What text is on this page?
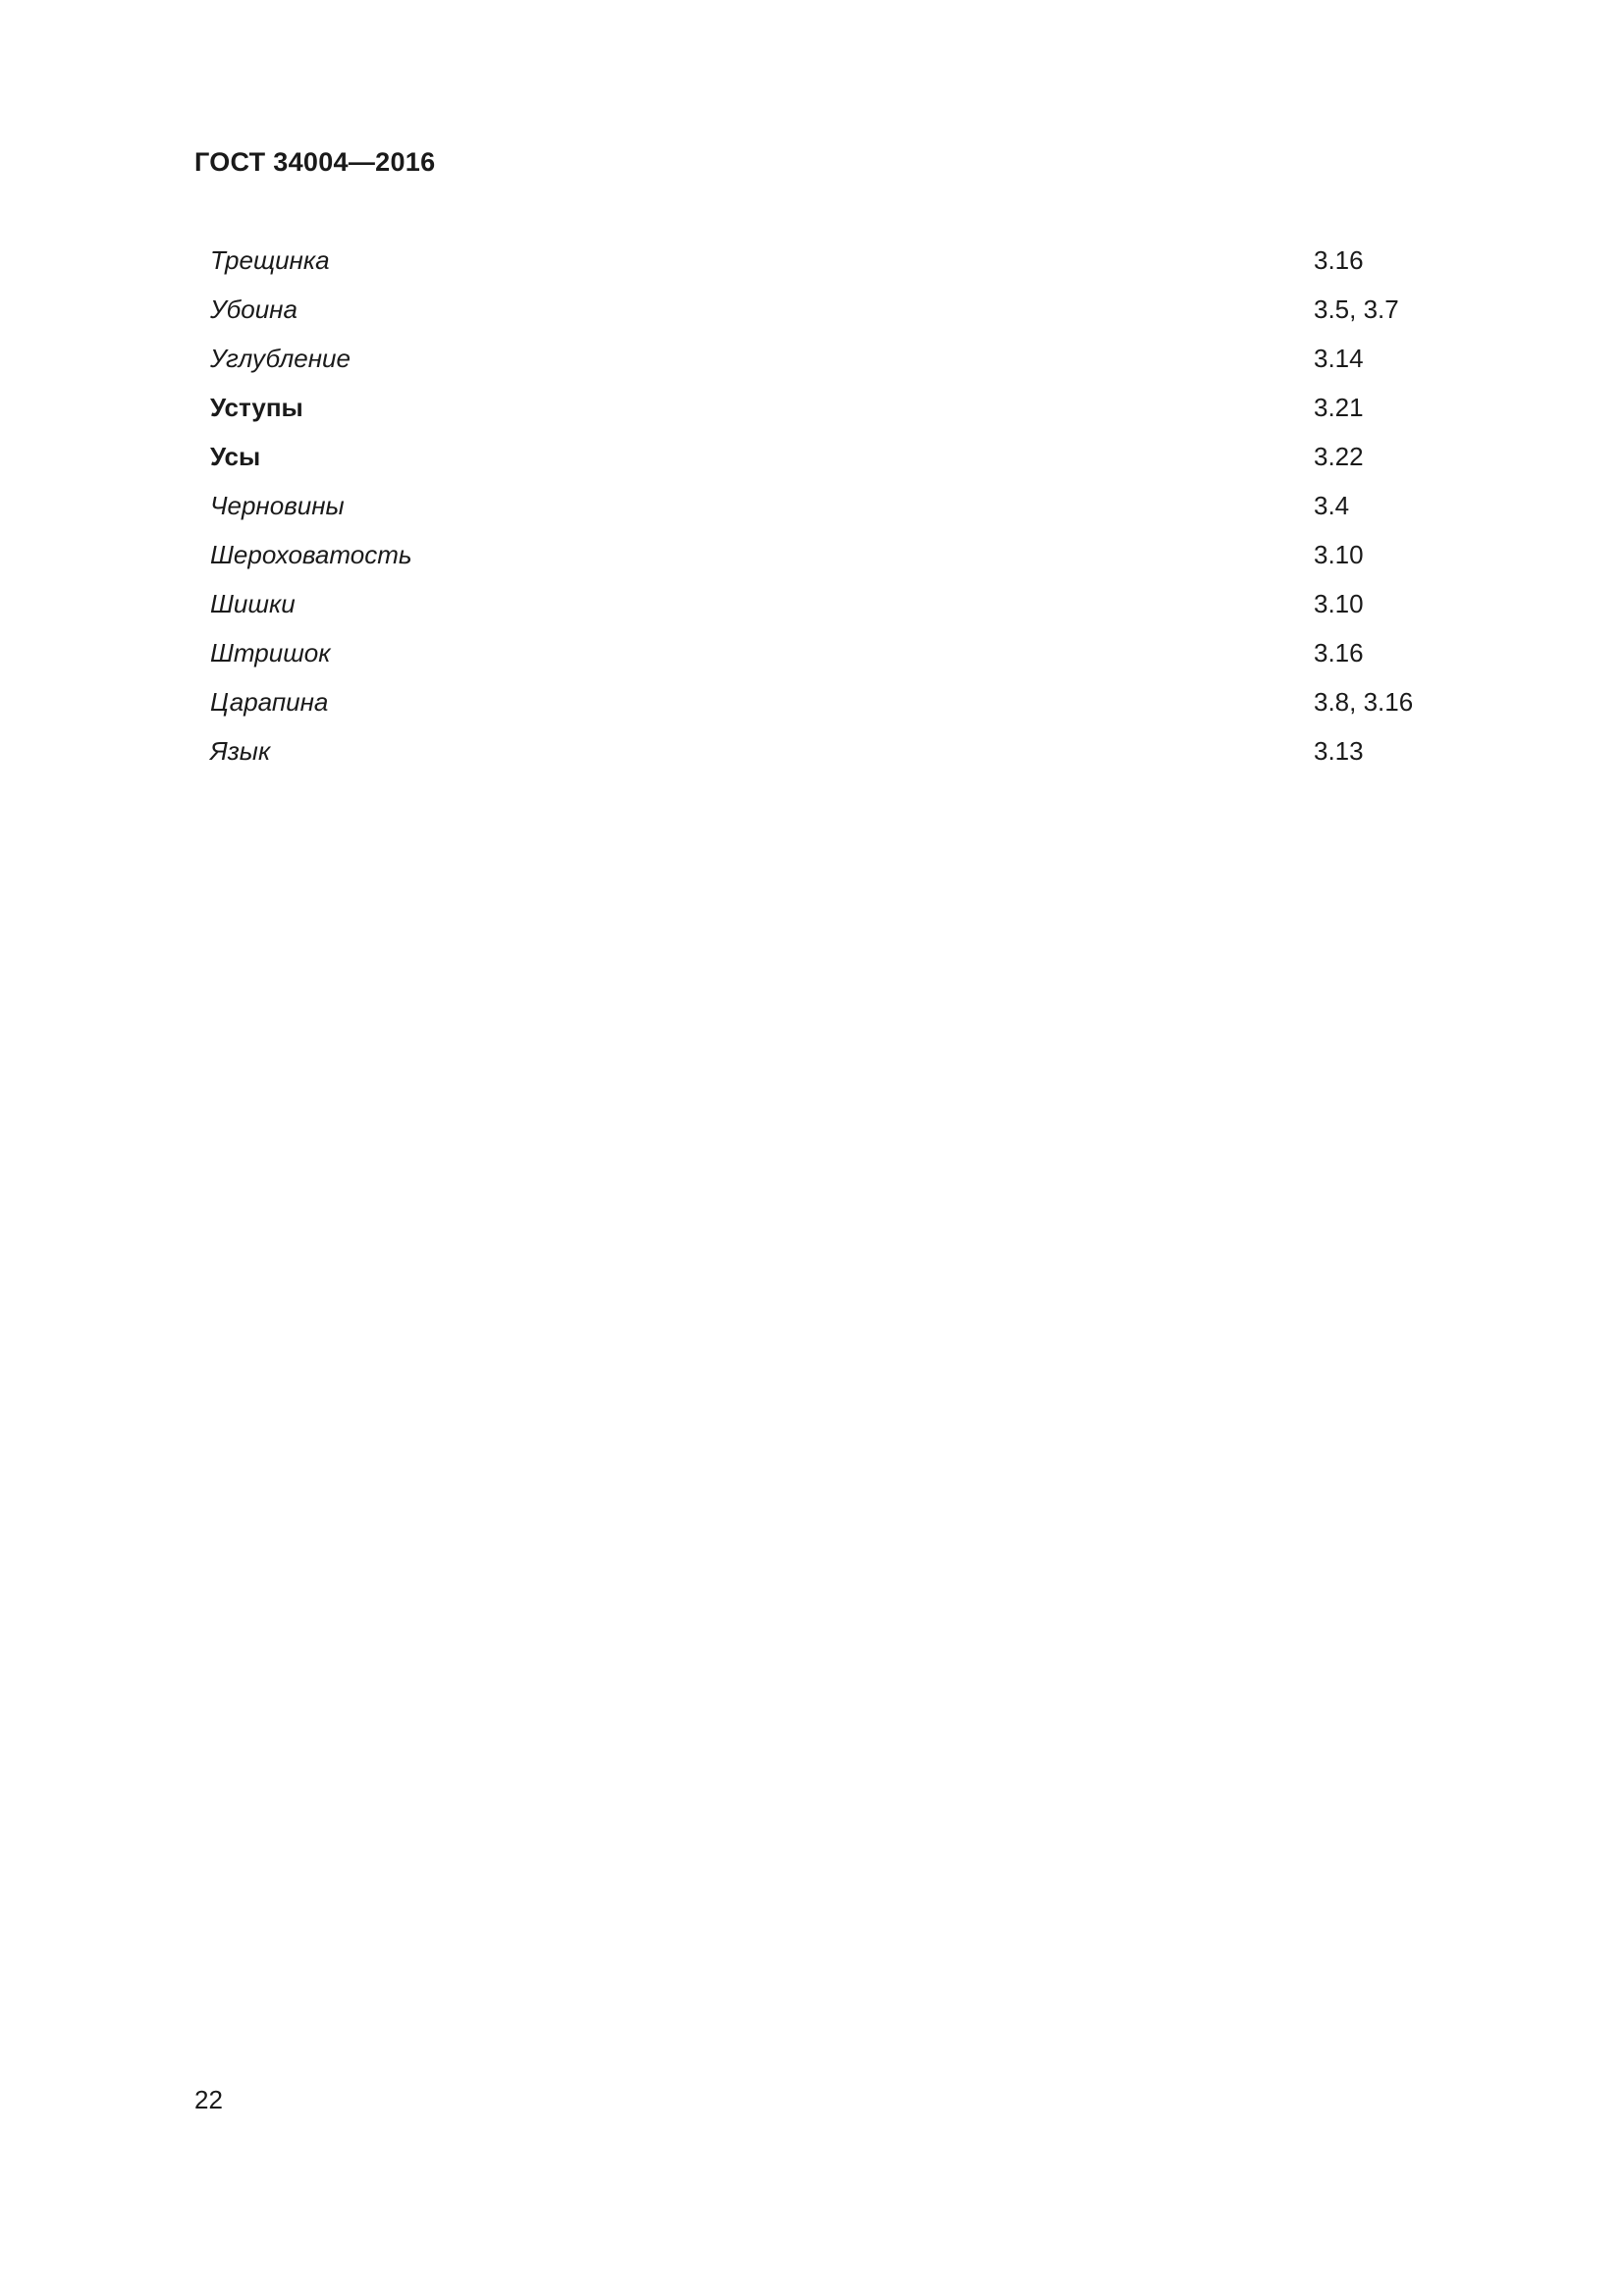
ГОСТ 34004—2016
Трещинка	3.16
Убоина	3.5, 3.7
Углубление	3.14
Уступы	3.21
Усы	3.22
Черновины	3.4
Шероховатость	3.10
Шишки	3.10
Штришок	3.16
Царапина	3.8, 3.16
Язык	3.13
22
